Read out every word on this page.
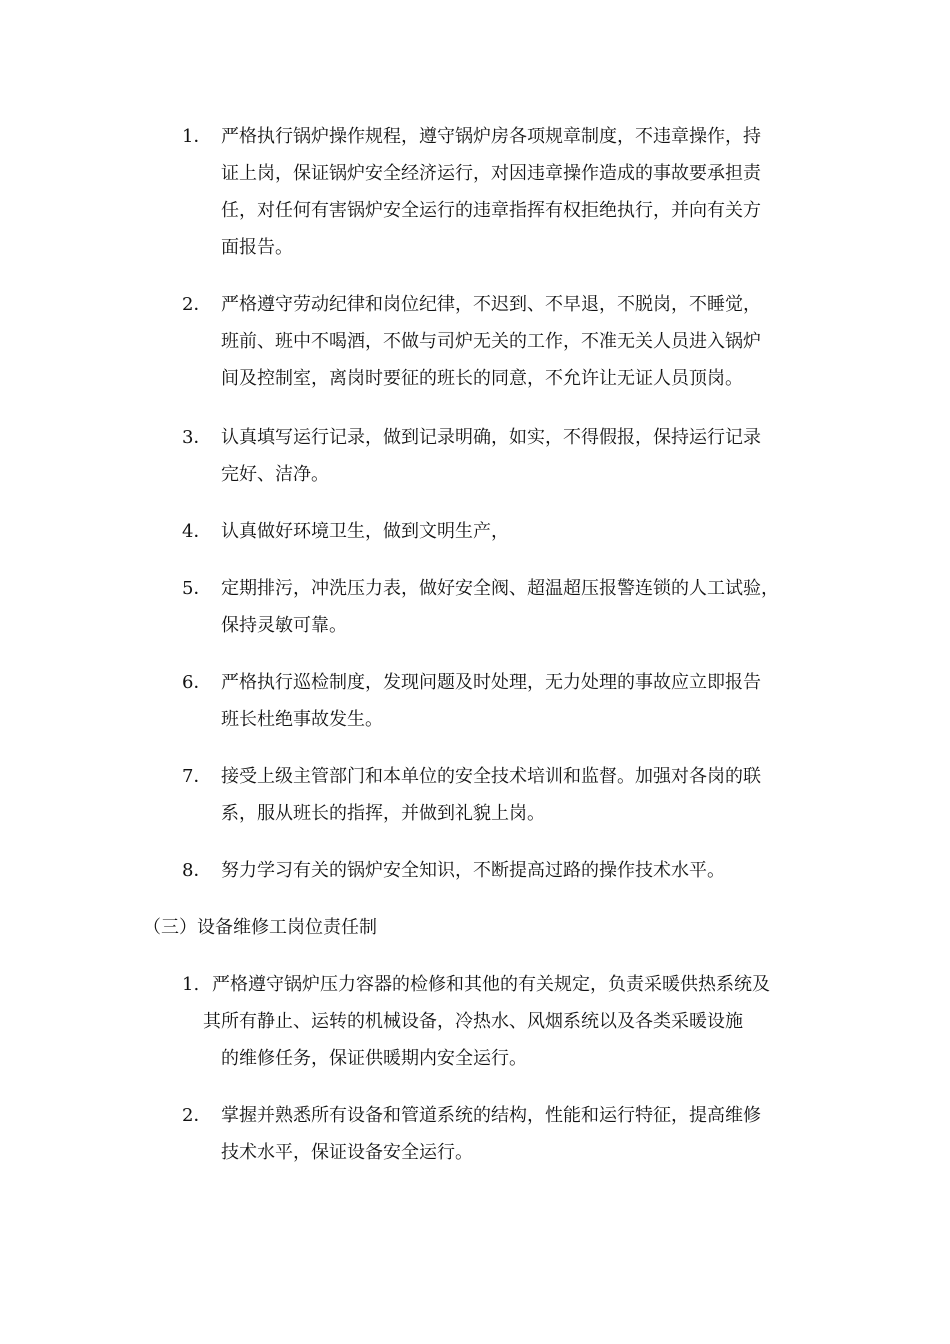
1． 严格执行锅炉操作规程，遵守锅炉房各项规章制度，不违章操作，持
证上岗，保证锅炉安全经济运行，对因违章操作造成的事故要承担责
任，对任何有害锅炉安全运行的违章指挥有权拒绝执行，并向有关方
面报告。
2． 严格遵守劳动纪律和岗位纪律，不迟到、不早退，不脱岗，不睡觉，
班前、班中不喝酒，不做与司炉无关的工作，不准无关人员进入锅炉
间及控制室，离岗时要征的班长的同意，不允许让无证人员顶岗。
3． 认真填写运行记录，做到记录明确，如实，不得假报，保持运行记录
完好、洁净。
4． 认真做好环境卫生，做到文明生产，
5． 定期排污，冲洗压力表，做好安全阀、超温超压报警连锁的人工试验，
保持灵敏可靠。
6． 严格执行巡检制度，发现问题及时处理，无力处理的事故应立即报告
班长杜绝事故发生。
7． 接受上级主管部门和本单位的安全技术培训和监督。加强对各岗的联
系，服从班长的指挥，并做到礼貌上岗。
8． 努力学习有关的锅炉安全知识，不断提高过路的操作技术水平。
（三）设备维修工岗位责任制
1. 严格遵守锅炉压力容器的检修和其他的有关规定，负责采暖供热系统及
其所有静止、运转的机械设备，冷热水、风烟系统以及各类采暖设施
的维修任务，保证供暖期内安全运行。
2． 掌握并熟悉所有设备和管道系统的结构，性能和运行特征，提高维修
技术水平，保证设备安全运行。
